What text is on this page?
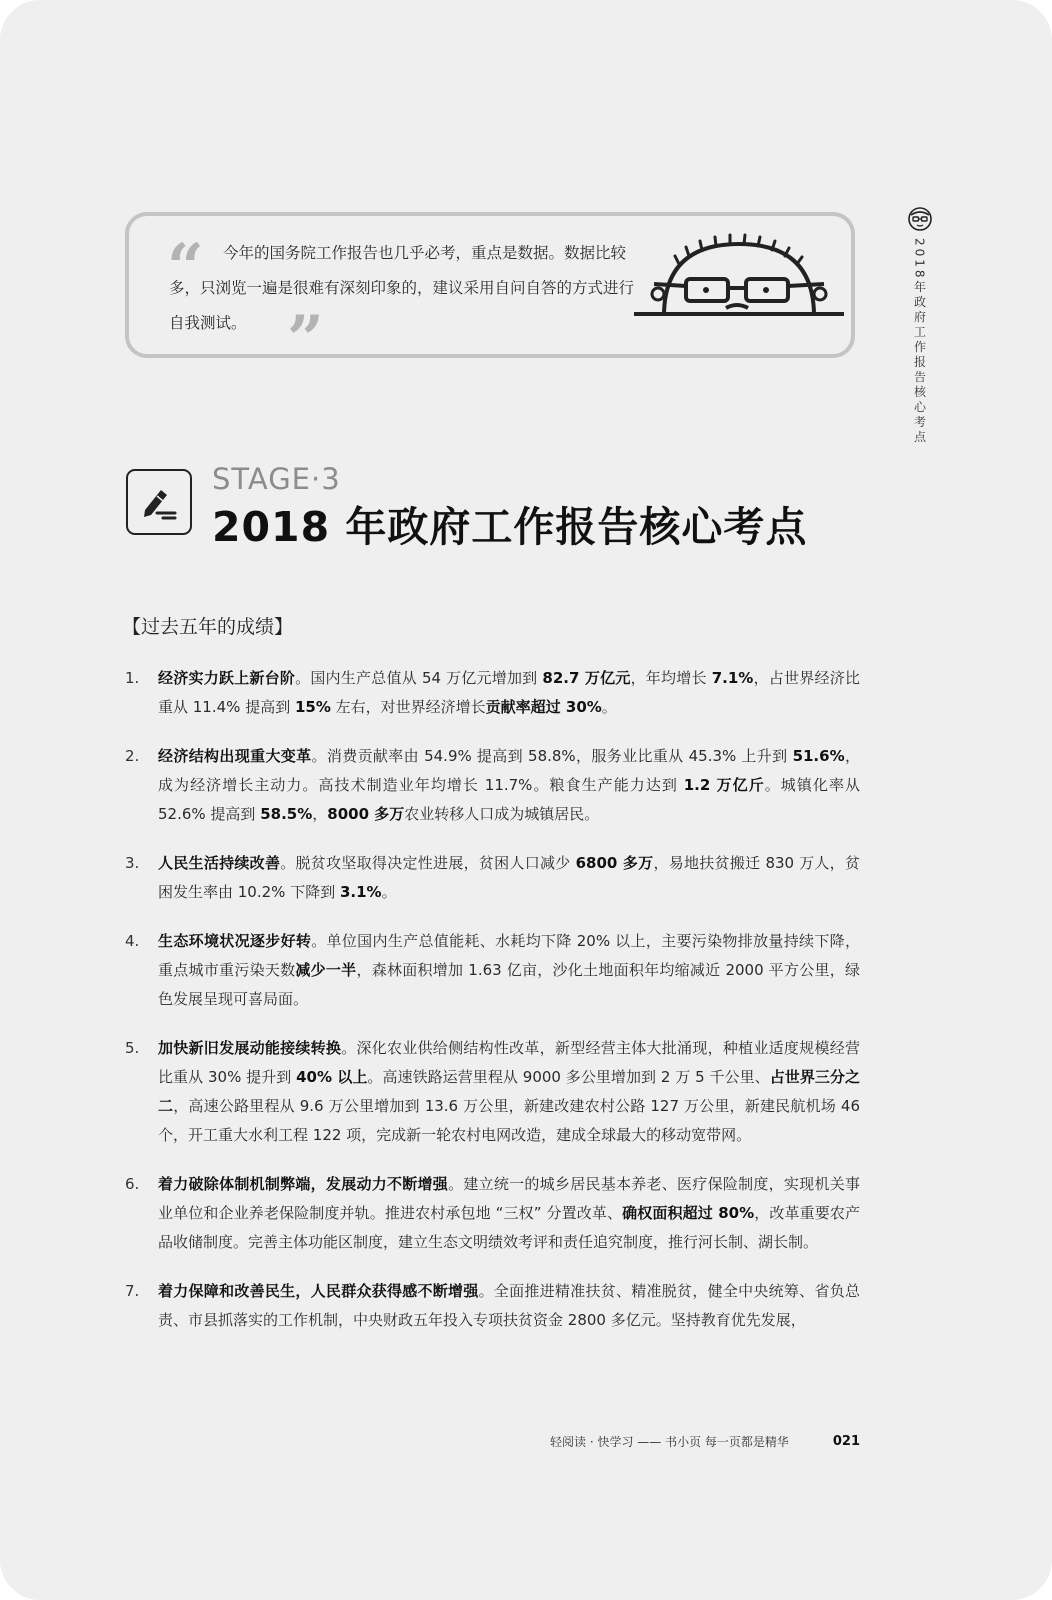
2018年政府工作报告核心考点
“	今年的国务院工作报告也几乎必考，重点是数据。数据比较多，只浏览一遍是很难有深刻印象的，建议采用自问自答的方式进行自我测试。 ”
STAGE·3
2018 年政府工作报告核心考点
【过去五年的成绩】
1. 经济实力跃上新台阶。国内生产总值从 54 万亿元增加到 82.7 万亿元，年均增长 7.1%，占世界经济比重从 11.4% 提高到 15% 左右，对世界经济增长贡献率超过 30%。
2. 经济结构出现重大变革。消费贡献率由 54.9% 提高到 58.8%，服务业比重从 45.3% 上升到 51.6%，成为经济增长主动力。高技术制造业年均增长 11.7%。粮食生产能力达到 1.2 万亿斤。城镇化率从 52.6% 提高到 58.5%，8000 多万农业转移人口成为城镇居民。
3. 人民生活持续改善。脱贫攻坚取得决定性进展，贫困人口减少 6800 多万，易地扶贫搬迁 830 万人，贫困发生率由 10.2% 下降到 3.1%。
4. 生态环境状况逐步好转。单位国内生产总值能耗、水耗均下降 20% 以上，主要污染物排放量持续下降，重点城市重污染天数减少一半，森林面积增加 1.63 亿亩，沙化土地面积年均缩减近 2000 平方公里，绿色发展呈现可喜局面。
5. 加快新旧发展动能接续转换。深化农业供给侧结构性改革，新型经营主体大批涌现，种植业适度规模经营比重从 30% 提升到 40% 以上。高速铁路运营里程从 9000 多公里增加到 2 万 5 千公里、占世界三分之二，高速公路里程从 9.6 万公里增加到 13.6 万公里，新建改建农村公路 127 万公里，新建民航机场 46 个，开工重大水利工程 122 项，完成新一轮农村电网改造，建成全球最大的移动宽带网。
6. 着力破除体制机制弊端，发展动力不断增强。建立统一的城乡居民基本养老、医疗保险制度，实现机关事业单位和企业养老保险制度并轨。推进农村承包地 “三权” 分置改革、确权面积超过 80%，改革重要农产品收储制度。完善主体功能区制度，建立生态文明绩效考评和责任追究制度，推行河长制、湖长制。
7. 着力保障和改善民生，人民群众获得感不断增强。全面推进精准扶贫、精准脱贫，健全中央统筹、省负总责、市县抓落实的工作机制，中央财政五年投入专项扶贫资金 2800 多亿元。坚持教育优先发展，
轻阅读 · 快学习 —— 书小页 每一页都是精华	021
